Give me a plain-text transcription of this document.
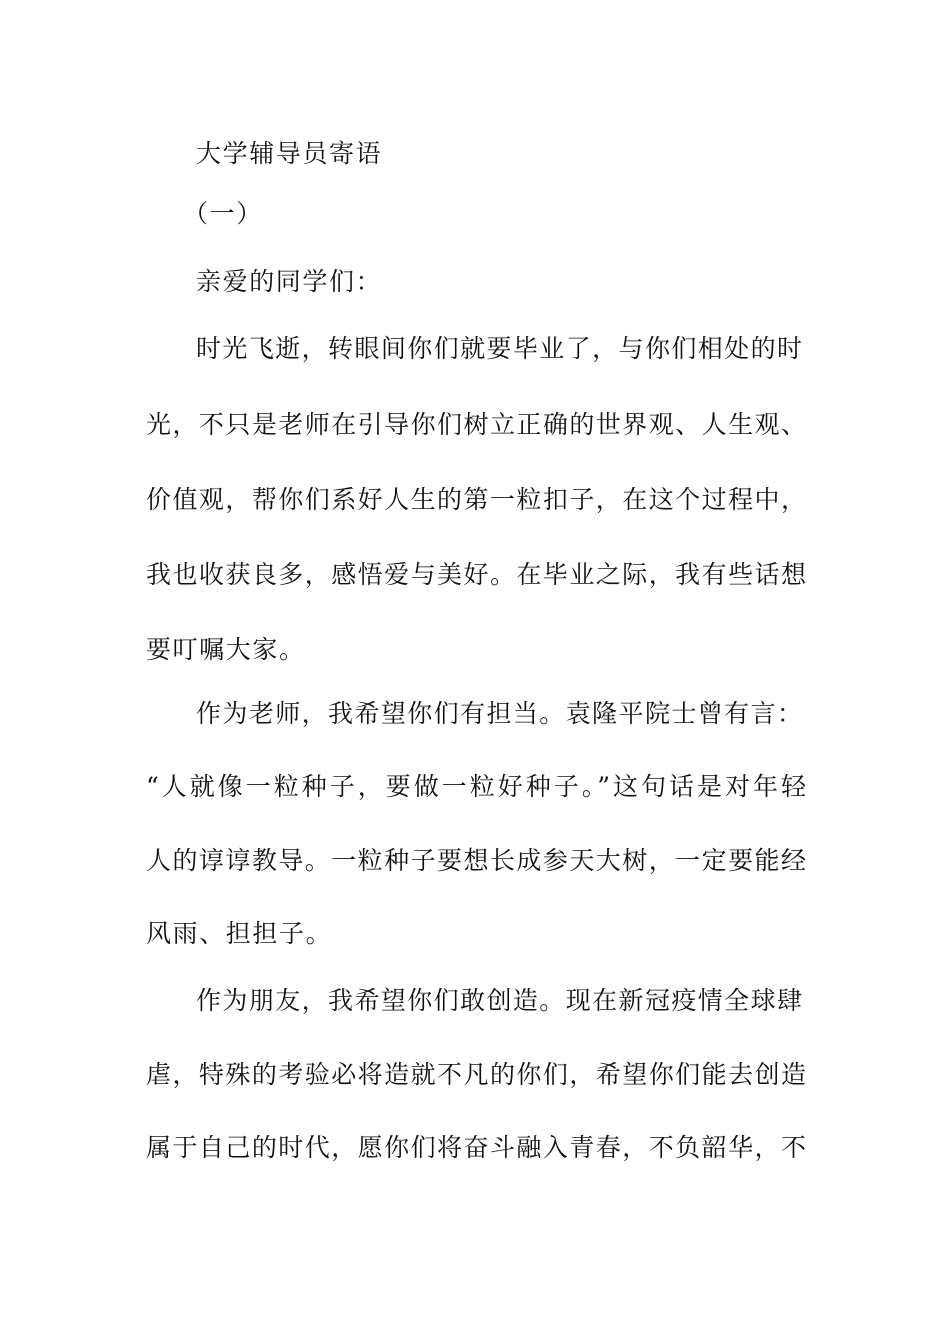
大学辅导员寄语
（一）
亲爱的同学们：
时光飞逝，转眼间你们就要毕业了，与你们相处的时
光，不只是老师在引导你们树立正确的世界观、人生观、
价值观，帮你们系好人生的第一粒扣子，在这个过程中，
我也收获良多，感悟爱与美好。在毕业之际，我有些话想
要叮嘱大家。
作为老师，我希望你们有担当。袁隆平院士曾有言：
“人就像一粒种子，要做一粒好种子。”这句话是对年轻
人的谆谆教导。一粒种子要想长成参天大树，一定要能经
风雨、担担子。
作为朋友，我希望你们敢创造。现在新冠疫情全球肆
虐，特殊的考验必将造就不凡的你们，希望你们能去创造
属于自己的时代，愿你们将奋斗融入青春，不负韶华，不
